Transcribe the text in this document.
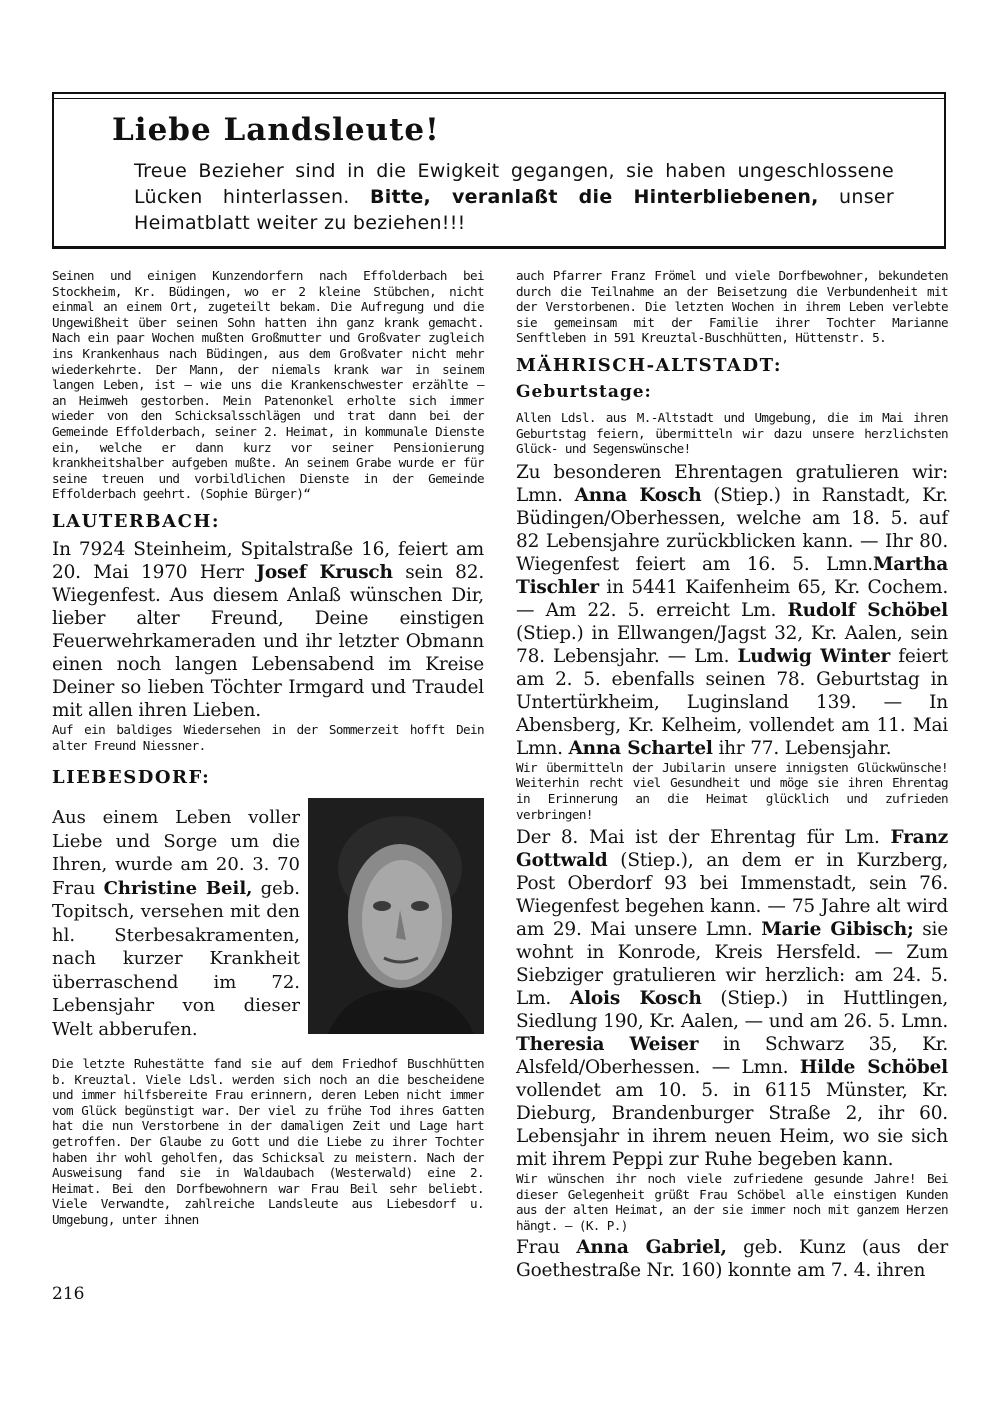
Liebe Landsleute!

Treue Bezieher sind in die Ewigkeit gegangen, sie haben ungeschlossene Lücken hinterlassen. Bitte, veranlaßt die Hinterbliebenen, unser Heimatblatt weiter zu beziehen!!!

Seinen und einigen Kunzendorfern nach Effolderbach bei Stockheim, Kr. Büdingen, wo er 2 kleine Stübchen, nicht einmal an einem Ort, zugeteilt bekam. Die Aufregung und die Ungewißheit über seinen Sohn hatten ihn ganz krank gemacht. Nach ein paar Wochen mußten Großmutter und Großvater zugleich ins Krankenhaus nach Büdingen, aus dem Großvater nicht mehr wiederkehrte. Der Mann, der niemals krank war in seinem langen Leben, ist — wie uns die Krankenschwester erzählte — an Heimweh gestorben. Mein Patenonkel erholte sich immer wieder von den Schicksalsschlägen und trat dann bei der Gemeinde Effolderbach, seiner 2. Heimat, in kommunale Dienste ein, welche er dann kurz vor seiner Pensionierung krankheitshalber aufgeben mußte. An seinem Grabe wurde er für seine treuen und vorbildlichen Dienste in der Gemeinde Effolderbach geehrt. (Sophie Bürger)“

LAUTERBACH:

In 7924 Steinheim, Spitalstraße 16, feiert am 20. Mai 1970 Herr Josef Krusch sein 82. Wiegenfest. Aus diesem Anlaß wünschen Dir, lieber alter Freund, Deine einstigen Feuerwehrkameraden und ihr letzter Obmann einen noch langen Lebensabend im Kreise Deiner so lieben Töchter Irmgard und Traudel mit allen ihren Lieben.

Auf ein baldiges Wiedersehen in der Sommerzeit hofft Dein alter Freund Niessner.

LIEBESDORF:

Aus einem Leben voller Liebe und Sorge um die Ihren, wurde am 20. 3. 70 Frau Christine Beil, geb. Topitsch, versehen mit den hl. Sterbesakramenten, nach kurzer Krankheit überraschend im 72. Lebensjahr von dieser Welt abberufen.

Die letzte Ruhestätte fand sie auf dem Friedhof Buschhütten b. Kreuztal. Viele Ldsl. werden sich noch an die bescheidene und immer hilfsbereite Frau erinnern, deren Leben nicht immer vom Glück begünstigt war. Der viel zu frühe Tod ihres Gatten hat die nun Verstorbene in der damaligen Zeit und Lage hart getroffen. Der Glaube zu Gott und die Liebe zu ihrer Tochter haben ihr wohl geholfen, das Schicksal zu meistern. Nach der Ausweisung fand sie in Waldaubach (Westerwald) eine 2. Heimat. Bei den Dorfbewohnern war Frau Beil sehr beliebt. Viele Verwandte, zahlreiche Landsleute aus Liebesdorf u. Umgebung, unter ihnen

auch Pfarrer Franz Frömel und viele Dorfbewohner, bekundeten durch die Teilnahme an der Beisetzung die Verbundenheit mit der Verstorbenen. Die letzten Wochen in ihrem Leben verlebte sie gemeinsam mit der Familie ihrer Tochter Marianne Senftleben in 591 Kreuztal-Buschhütten, Hüttenstr. 5.

MÄHRISCH-ALTSTADT:
Geburtstage:

Allen Ldsl. aus M.-Altstadt und Umgebung, die im Mai ihren Geburtstag feiern, übermitteln wir dazu unsere herzlichsten Glück- und Segenswünsche!

Zu besonderen Ehrentagen gratulieren wir: Lmn. Anna Kosch (Stiep.) in Ranstadt, Kr. Büdingen/Oberhessen, welche am 18. 5. auf 82 Lebensjahre zurückblicken kann. — Ihr 80. Wiegenfest feiert am 16. 5. Lmn.Martha Tischler in 5441 Kaifenheim 65, Kr. Cochem. — Am 22. 5. erreicht Lm. Rudolf Schöbel (Stiep.) in Ellwangen/Jagst 32, Kr. Aalen, sein 78. Lebensjahr. — Lm. Ludwig Winter feiert am 2. 5. ebenfalls seinen 78. Geburtstag in Untertürkheim, Luginsland 139. — In Abensberg, Kr. Kelheim, vollendet am 11. Mai Lmn. Anna Schartel ihr 77. Lebensjahr.

Wir übermitteln der Jubilarin unsere innigsten Glückwünsche! Weiterhin recht viel Gesundheit und möge sie ihren Ehrentag in Erinnerung an die Heimat glücklich und zufrieden verbringen!

Der 8. Mai ist der Ehrentag für Lm. Franz Gottwald (Stiep.), an dem er in Kurzberg, Post Oberdorf 93 bei Immenstadt, sein 76. Wiegenfest begehen kann. — 75 Jahre alt wird am 29. Mai unsere Lmn. Marie Gibisch; sie wohnt in Konrode, Kreis Hersfeld. — Zum Siebziger gratulieren wir herzlich: am 24. 5. Lm. Alois Kosch (Stiep.) in Huttlingen, Siedlung 190, Kr. Aalen, — und am 26. 5. Lmn. Theresia Weiser in Schwarz 35, Kr. Alsfeld/Oberhessen. — Lmn. Hilde Schöbel vollendet am 10. 5. in 6115 Münster, Kr. Dieburg, Brandenburger Straße 2, ihr 60. Lebensjahr in ihrem neuen Heim, wo sie sich mit ihrem Peppi zur Ruhe begeben kann.

Wir wünschen ihr noch viele zufriedene gesunde Jahre! Bei dieser Gelegenheit grüßt Frau Schöbel alle einstigen Kunden aus der alten Heimat, an der sie immer noch mit ganzem Herzen hängt. — (K. P.)

Frau Anna Gabriel, geb. Kunz (aus der Goethestraße Nr. 160) konnte am 7. 4. ihren

216
